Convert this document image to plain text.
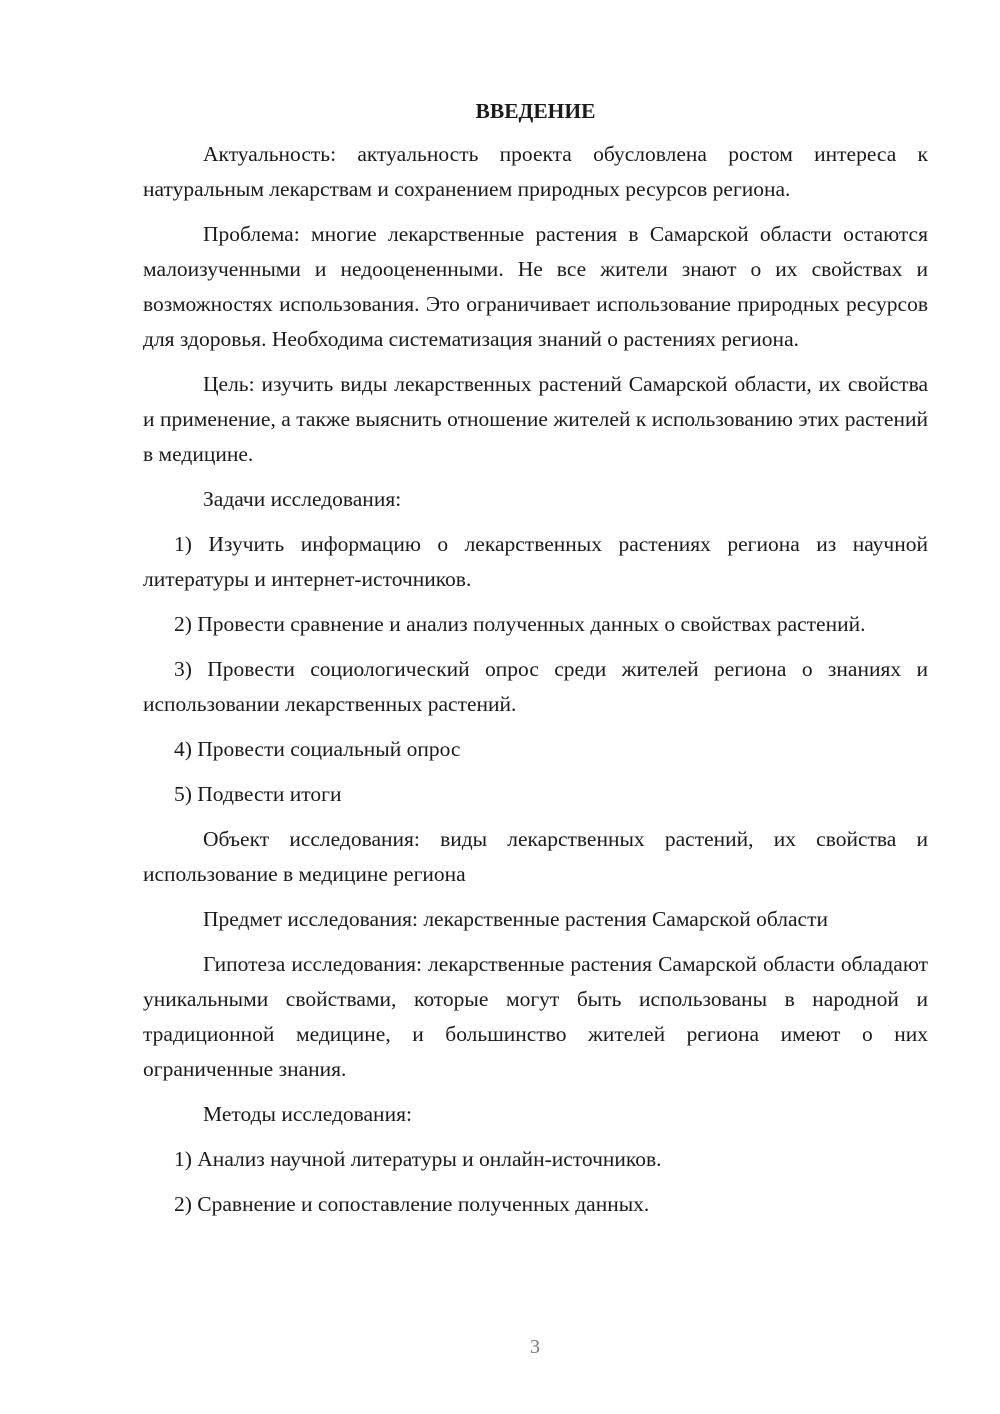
ВВЕДЕНИЕ

Актуальность: актуальность проекта обусловлена ростом интереса к натуральным лекарствам и сохранением природных ресурсов региона.

Проблема: многие лекарственные растения в Самарской области остаются малоизученными и недооцененными. Не все жители знают о их свойствах и возможностях использования. Это ограничивает использование природных ресурсов для здоровья. Необходима систематизация знаний о растениях региона.

Цель: изучить виды лекарственных растений Самарской области, их свойства и применение, а также выяснить отношение жителей к использованию этих растений в медицине.

Задачи исследования:

1) Изучить информацию о лекарственных растениях региона из научной литературы и интернет-источников.

2) Провести сравнение и анализ полученных данных о свойствах растений.

3) Провести социологический опрос среди жителей региона о знаниях и использовании лекарственных растений.

4) Провести социальный опрос

5) Подвести итоги

Объект исследования: виды лекарственных растений, их свойства и использование в медицине региона

Предмет исследования: лекарственные растения Самарской области

Гипотеза исследования: лекарственные растения Самарской области обладают уникальными свойствами, которые могут быть использованы в народной и традиционной медицине, и большинство жителей региона имеют о них ограниченные знания.

Методы исследования:

1) Анализ научной литературы и онлайн-источников.

2) Сравнение и сопоставление полученных данных.

3
